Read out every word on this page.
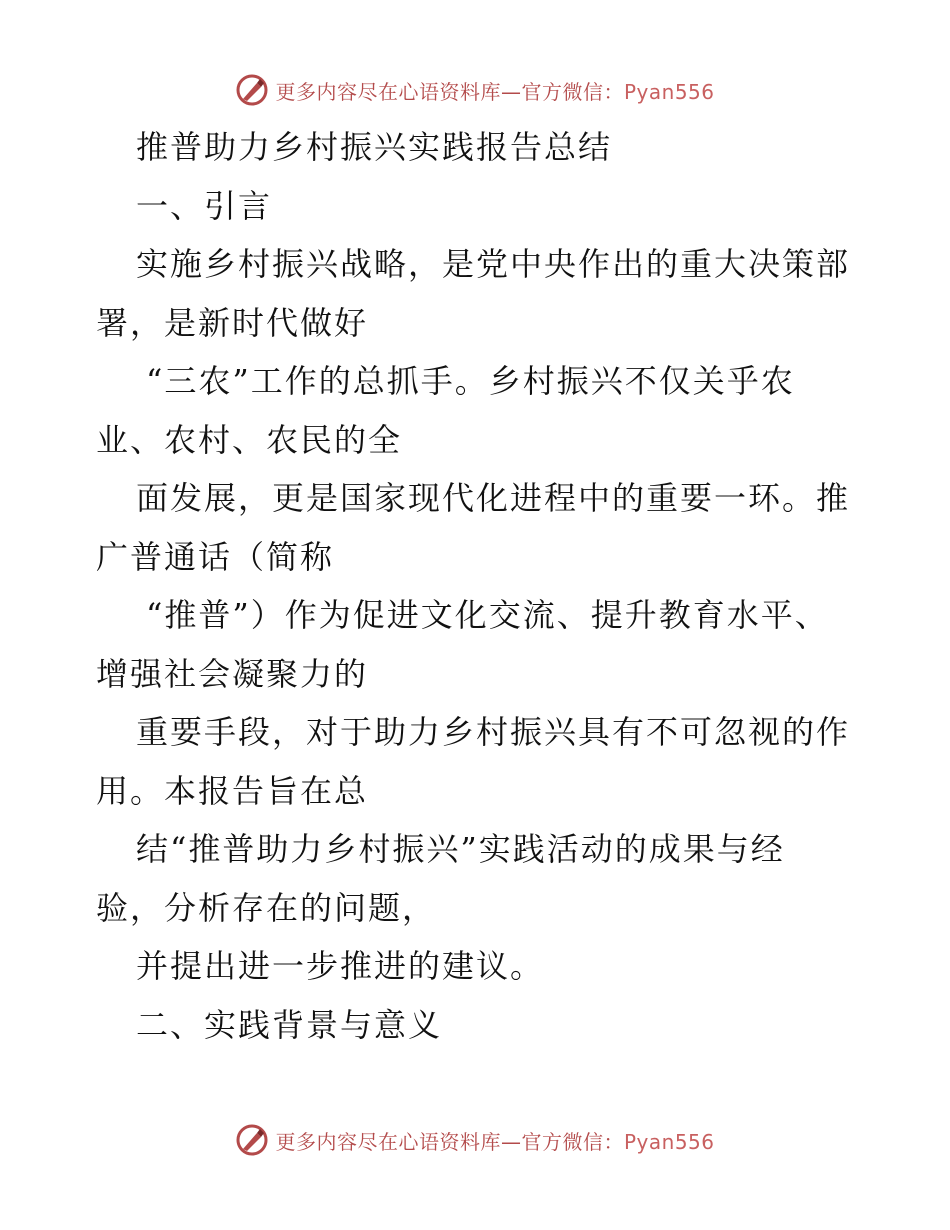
更多内容尽在心语资料库—官方微信：Pyan556
推普助力乡村振兴实践报告总结
一、引言
实施乡村振兴战略，是党中央作出的重大决策部
署，是新时代做好
“三农”工作的总抓手。乡村振兴不仅关乎农
业、农村、农民的全
面发展，更是国家现代化进程中的重要一环。推
广普通话（简称
“推普”）作为促进文化交流、提升教育水平、
增强社会凝聚力的
重要手段，对于助力乡村振兴具有不可忽视的作
用。本报告旨在总
结“推普助力乡村振兴”实践活动的成果与经
验，分析存在的问题，
并提出进一步推进的建议。
二、实践背景与意义
更多内容尽在心语资料库—官方微信：Pyan556
